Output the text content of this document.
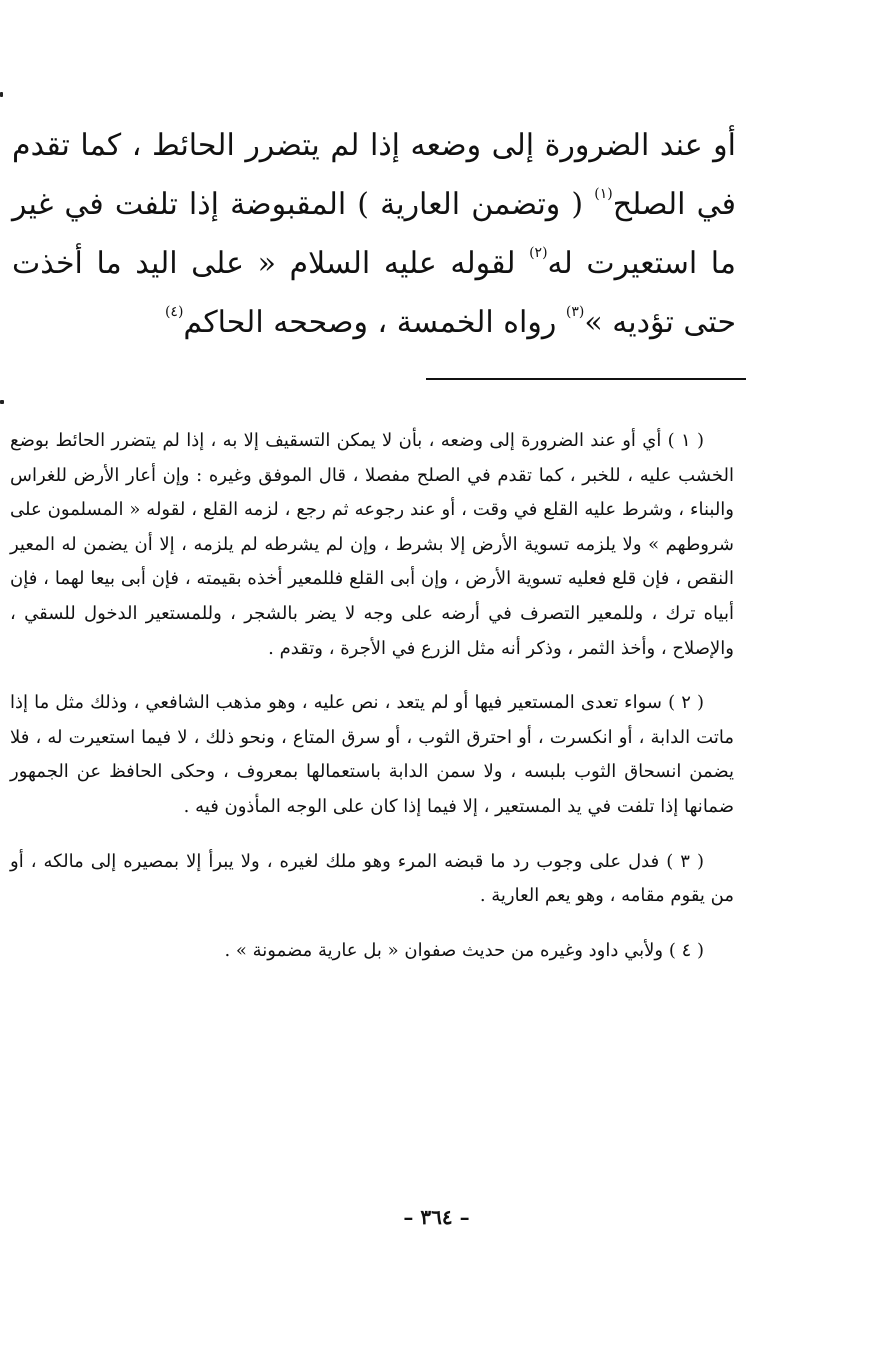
أو عند الضرورة إلى وضعه إذا لم يتضرر الحائط ، كما تقدم في الصلح$^{(١)}$ ( وتضمن العارية ) المقبوضة إذا تلفت في غير ما استعيرت له$^{(٢)}$ لقوله عليه السلام « على اليد ما أخذت حتى تؤديه »$^{(٣)}$ رواه الخمسة ، وصححه الحاكم$^{(٤)}$

( ١ ) أي أو عند الضرورة إلى وضعه ، بأن لا يمكن التسقيف إلا به ، إذا لم يتضرر الحائط بوضع الخشب عليه ، للخبر ، كما تقدم في الصلح مفصلا ، قال الموفق وغيره : وإن أعار الأرض للغراس والبناء ، وشرط عليه القلع في وقت ، أو عند رجوعه ثم رجع ، لزمه القلع ، لقوله « المسلمون على شروطهم » ولا يلزمه تسوية الأرض إلا بشرط ، وإن لم يشرطه لم يلزمه ، إلا أن يضمن له المعير النقص ، فإن قلع فعليه تسوية الأرض ، وإن أبى القلع فللمعير أخذه بقيمته ، فإن أبى بيعا لهما ، فإن أبياه ترك ، وللمعير التصرف في أرضه على وجه لا يضر بالشجر ، وللمستعير الدخول للسقي ، والإصلاح ، وأخذ الثمر ، وذكر أنه مثل الزرع في الأجرة ، وتقدم .

( ٢ ) سواء تعدى المستعير فيها أو لم يتعد ، نص عليه ، وهو مذهب الشافعي ، وذلك مثل ما إذا ماتت الدابة ، أو انكسرت ، أو احترق الثوب ، أو سرق المتاع ، ونحو ذلك ، لا فيما استعيرت له ، فلا يضمن انسحاق الثوب بلبسه ، ولا سمن الدابة باستعمالها بمعروف ، وحكى الحافظ عن الجمهور ضمانها إذا تلفت في يد المستعير ، إلا فيما إذا كان على الوجه المأذون فيه .

( ٣ ) فدل على وجوب رد ما قبضه المرء وهو ملك لغيره ، ولا يبرأ إلا بمصيره إلى مالكه ، أو من يقوم مقامه ، وهو يعم العارية .

( ٤ ) ولأبي داود وغيره من حديث صفوان « بل عارية مضمونة » .

– ٣٦٤ –
